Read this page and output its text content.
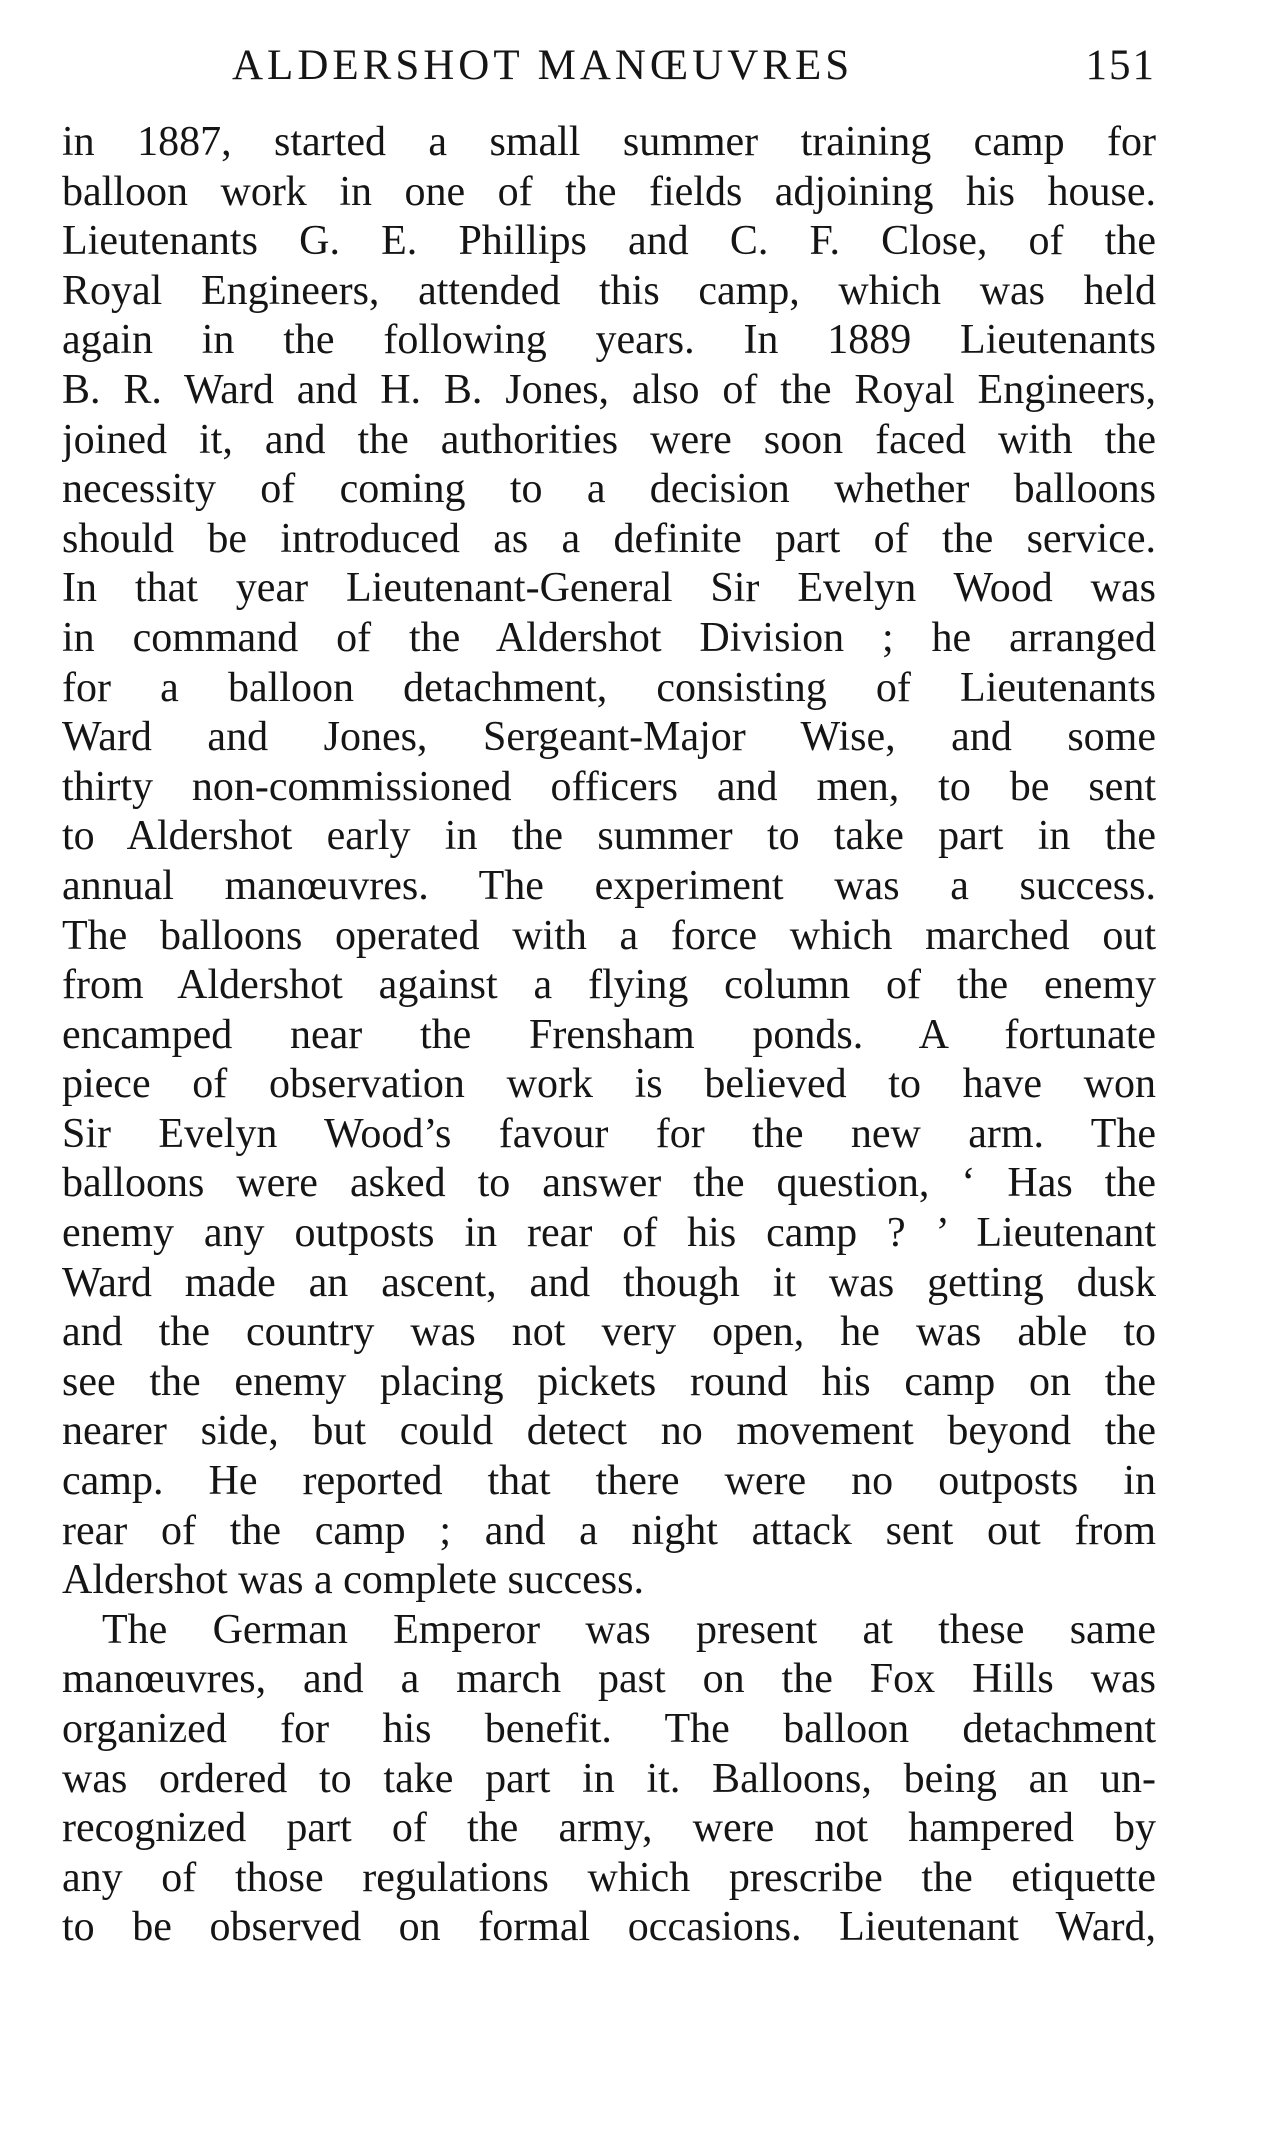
ALDERSHOT MANŒUVRES	151
in 1887, started a small summer training camp for
balloon work in one of the fields adjoining his house.
Lieutenants G. E. Phillips and C. F. Close, of the
Royal Engineers, attended this camp, which was held
again in the following years. In 1889 Lieutenants
B. R. Ward and H. B. Jones, also of the Royal Engineers,
joined it, and the authorities were soon faced with the
necessity of coming to a decision whether balloons
should be introduced as a definite part of the service.
In that year Lieutenant-General Sir Evelyn Wood was
in command of the Aldershot Division ; he arranged
for a balloon detachment, consisting of Lieutenants
Ward and Jones, Sergeant-Major Wise, and some
thirty non-commissioned officers and men, to be sent
to Aldershot early in the summer to take part in the
annual manœuvres. The experiment was a success.
The balloons operated with a force which marched out
from Aldershot against a flying column of the enemy
encamped near the Frensham ponds. A fortunate
piece of observation work is believed to have won
Sir Evelyn Wood’s favour for the new arm. The
balloons were asked to answer the question, ‘ Has the
enemy any outposts in rear of his camp ? ’ Lieutenant
Ward made an ascent, and though it was getting dusk
and the country was not very open, he was able to
see the enemy placing pickets round his camp on the
nearer side, but could detect no movement beyond the
camp. He reported that there were no outposts in
rear of the camp ; and a night attack sent out from
Aldershot was a complete success.
The German Emperor was present at these same
manœuvres, and a march past on the Fox Hills was
organized for his benefit. The balloon detachment
was ordered to take part in it. Balloons, being an un-
recognized part of the army, were not hampered by
any of those regulations which prescribe the etiquette
to be observed on formal occasions. Lieutenant Ward,
